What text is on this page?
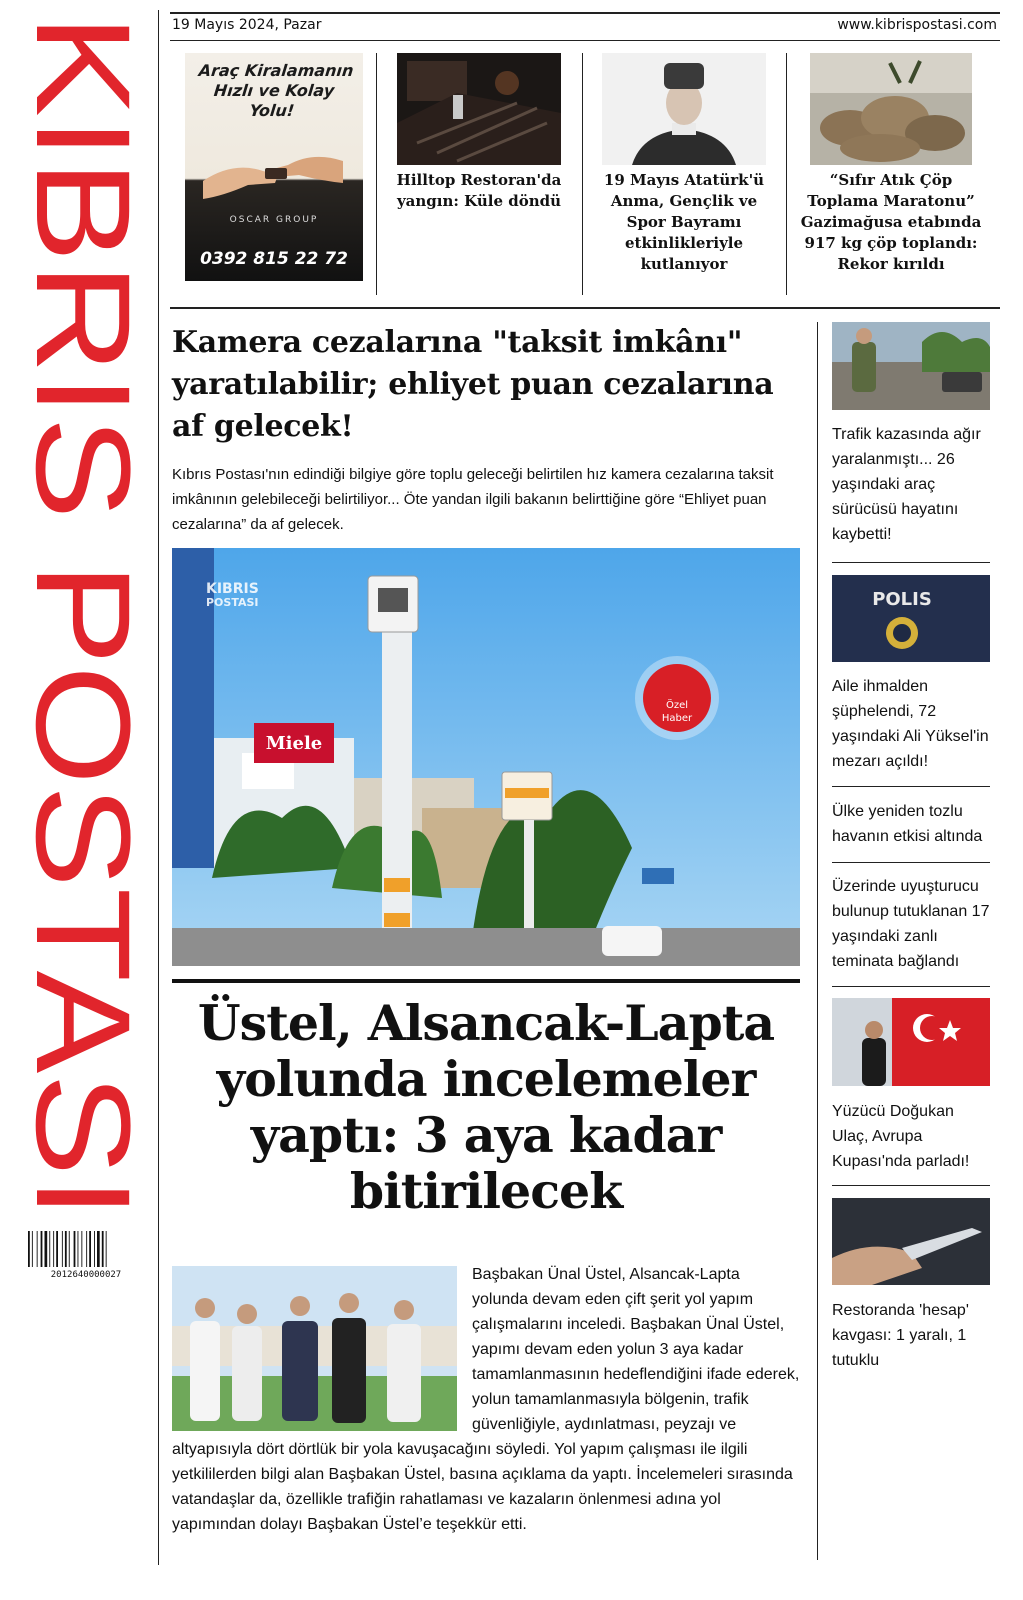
KIBRIS POSTASI
2012640000027
19 Mayıs 2024, Pazar	www.kibrispostasi.com
Araç Kiralamanın
Hızlı ve Kolay
Yolu!
OSCAR GROUP
0392 815 22 72
Hilltop Restoran'da yangın: Küle döndü
19 Mayıs Atatürk'ü Anma, Gençlik ve Spor Bayramı etkinlikleriyle kutlanıyor
“Sıfır Atık Çöp Toplama Maratonu” Gazimağusa etabında 917 kg çöp toplandı: Rekor kırıldı
Kamera cezalarına "taksit imkânı" yaratılabilir; ehliyet puan cezalarına af gelecek!
Kıbrıs Postası'nın edindiği bilgiye göre toplu geleceği belirtilen hız kamera cezalarına taksit imkânının gelebileceği belirtiliyor... Öte yandan ilgili bakanın belirttiğine göre “Ehliyet puan cezalarına” da af gelecek.
Miele
Özel
Haber
KIBRIS
POSTASI
Üstel, Alsancak-Lapta yolunda incelemeler yaptı: 3 aya kadar bitirilecek
Başbakan Ünal Üstel, Alsancak-Lapta yolunda devam eden çift şerit yol yapım çalışmalarını inceledi. Başbakan Ünal Üstel, yapımı devam eden yolun 3 aya kadar tamamlanmasının hedeflendiğini ifade ederek, yolun tamamlanmasıyla bölgenin, trafik güvenliğiyle, aydınlatması, peyzajı ve altyapısıyla dört dörtlük bir yola kavuşacağını söyledi. Yol yapım çalışması ile ilgili yetkililerden bilgi alan Başbakan Üstel, basına açıklama da yaptı. İncelemeleri sırasında vatandaşlar da, özellikle trafiğin rahatlaması ve kazaların önlenmesi adına yol yapımından dolayı Başbakan Üstel’e teşekkür etti.
Trafik kazasında ağır yaralanmıştı... 26 yaşındaki araç sürücüsü hayatını kaybetti!
POLIS
Aile ihmalden şüphelendi, 72 yaşındaki Ali Yüksel'in mezarı açıldı!
Ülke yeniden tozlu havanın etkisi altında
Üzerinde uyuşturucu bulunup tutuklanan 17 yaşındaki zanlı teminata bağlandı
Yüzücü Doğukan Ulaç, Avrupa Kupası'nda parladı!
Restoranda 'hesap' kavgası: 1 yaralı, 1 tutuklu
